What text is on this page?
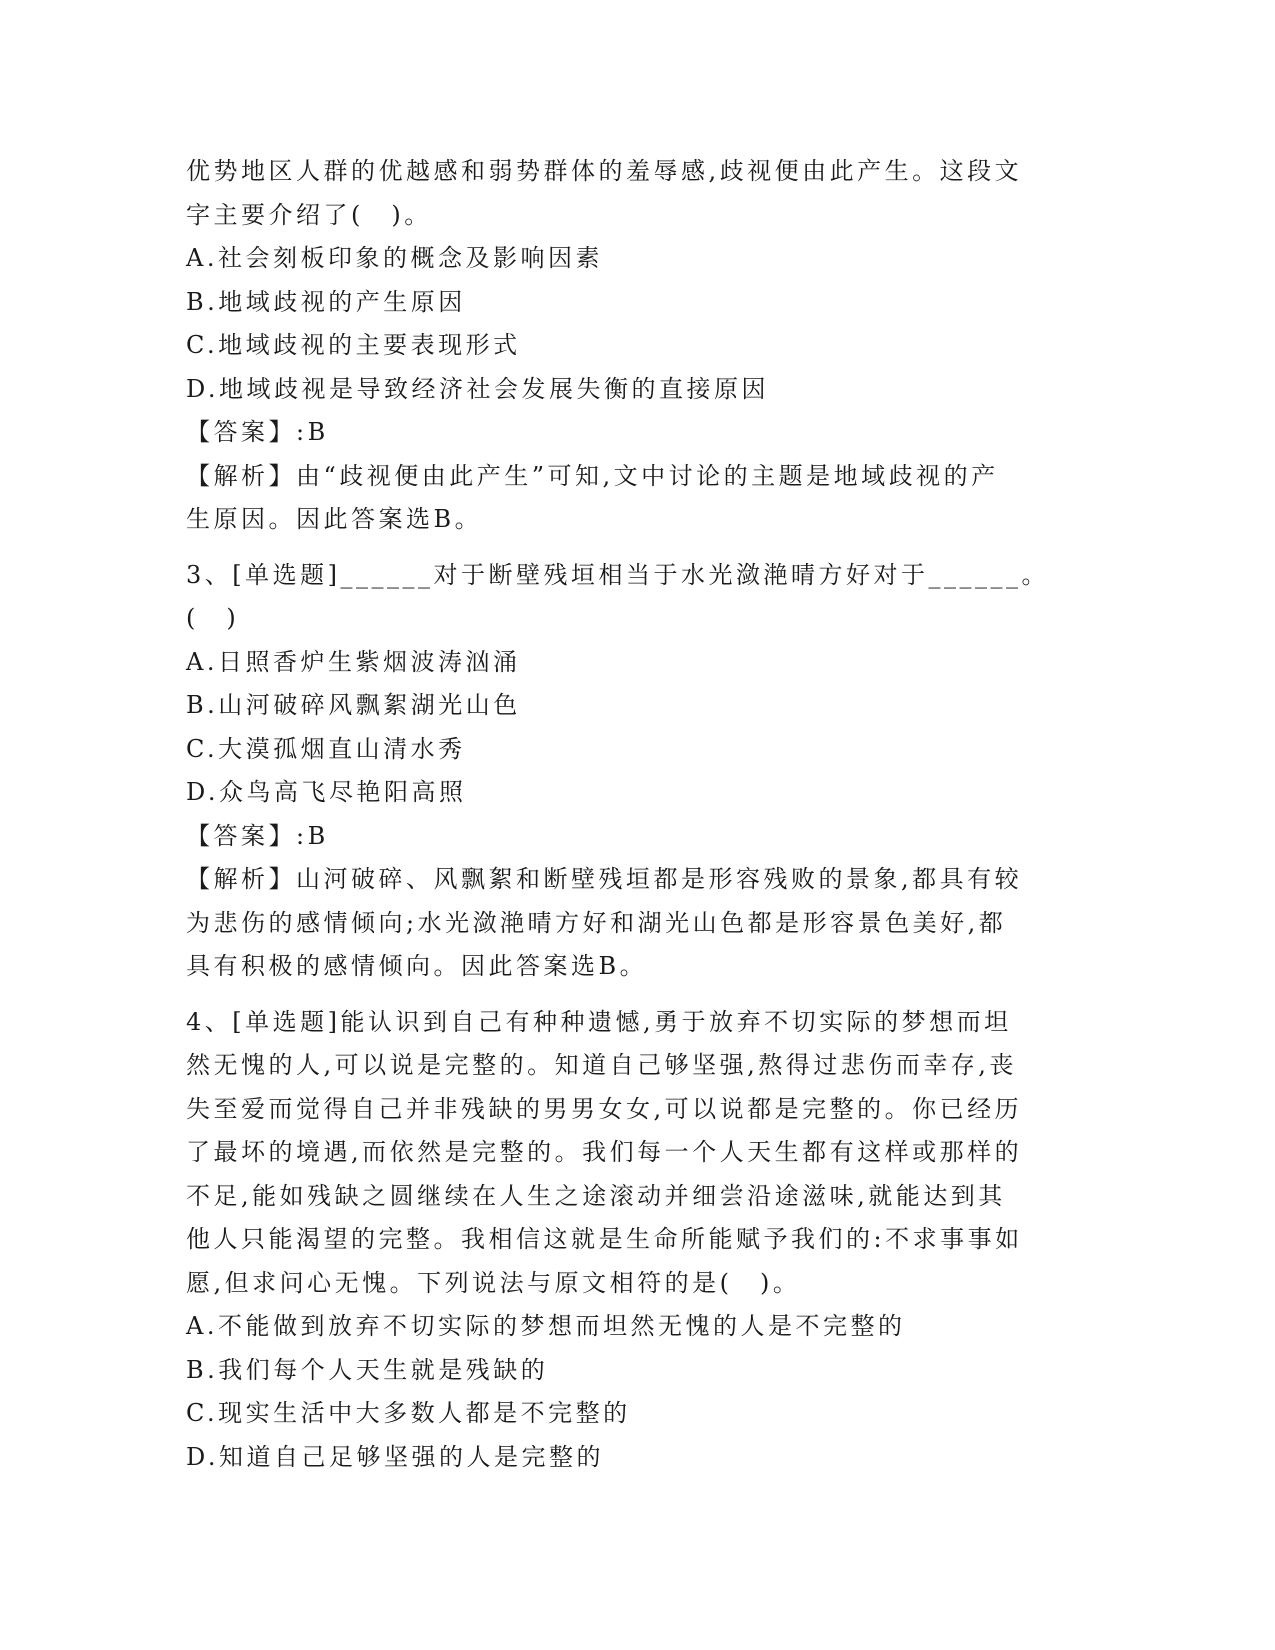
优势地区人群的优越感和弱势群体的羞辱感,歧视便由此产生。这段文
字主要介绍了(　)。
A.社会刻板印象的概念及影响因素
B.地域歧视的产生原因
C.地域歧视的主要表现形式
D.地域歧视是导致经济社会发展失衡的直接原因
【答案】:B
【解析】由“歧视便由此产生”可知,文中讨论的主题是地域歧视的产
生原因。因此答案选B。
3、[单选题]______对于断壁残垣相当于水光潋滟晴方好对于______。
(　)
A.日照香炉生紫烟波涛汹涌
B.山河破碎风飘絮湖光山色
C.大漠孤烟直山清水秀
D.众鸟高飞尽艳阳高照
【答案】:B
【解析】山河破碎、风飘絮和断壁残垣都是形容残败的景象,都具有较
为悲伤的感情倾向;水光潋滟晴方好和湖光山色都是形容景色美好,都
具有积极的感情倾向。因此答案选B。
4、[单选题]能认识到自己有种种遗憾,勇于放弃不切实际的梦想而坦
然无愧的人,可以说是完整的。知道自己够坚强,熬得过悲伤而幸存,丧
失至爱而觉得自己并非残缺的男男女女,可以说都是完整的。你已经历
了最坏的境遇,而依然是完整的。我们每一个人天生都有这样或那样的
不足,能如残缺之圆继续在人生之途滚动并细尝沿途滋味,就能达到其
他人只能渴望的完整。我相信这就是生命所能赋予我们的:不求事事如
愿,但求问心无愧。下列说法与原文相符的是(　)。
A.不能做到放弃不切实际的梦想而坦然无愧的人是不完整的
B.我们每个人天生就是残缺的
C.现实生活中大多数人都是不完整的
D.知道自己足够坚强的人是完整的
